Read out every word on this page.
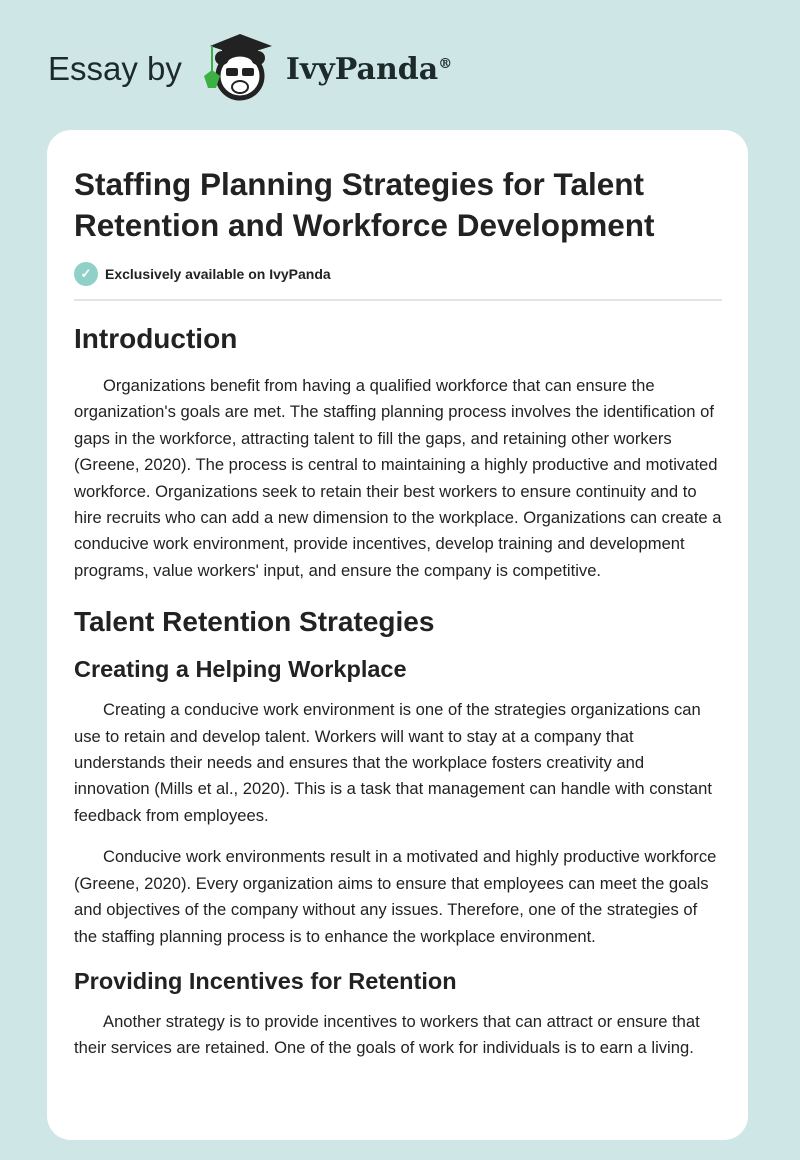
Essay by	IvyPanda®
Staffing Planning Strategies for Talent Retention and Workforce Development
✓ Exclusively available on IvyPanda
Introduction

Organizations benefit from having a qualified workforce that can ensure the organization's goals are met. The staffing planning process involves the identification of gaps in the workforce, attracting talent to fill the gaps, and retaining other workers (Greene, 2020). The process is central to maintaining a highly productive and motivated workforce. Organizations seek to retain their best workers to ensure continuity and to hire recruits who can add a new dimension to the workplace. Organizations can create a conducive work environment, provide incentives, develop training and development programs, value workers' input, and ensure the company is competitive.

Talent Retention Strategies
Creating a Helping Workplace

Creating a conducive work environment is one of the strategies organizations can use to retain and develop talent. Workers will want to stay at a company that understands their needs and ensures that the workplace fosters creativity and innovation (Mills et al., 2020). This is a task that management can handle with constant feedback from employees.

Conducive work environments result in a motivated and highly productive workforce (Greene, 2020). Every organization aims to ensure that employees can meet the goals and objectives of the company without any issues. Therefore, one of the strategies of the staffing planning process is to enhance the workplace environment.

Providing Incentives for Retention

Another strategy is to provide incentives to workers that can attract or ensure that their services are retained. One of the goals of work for individuals is to earn a living.
